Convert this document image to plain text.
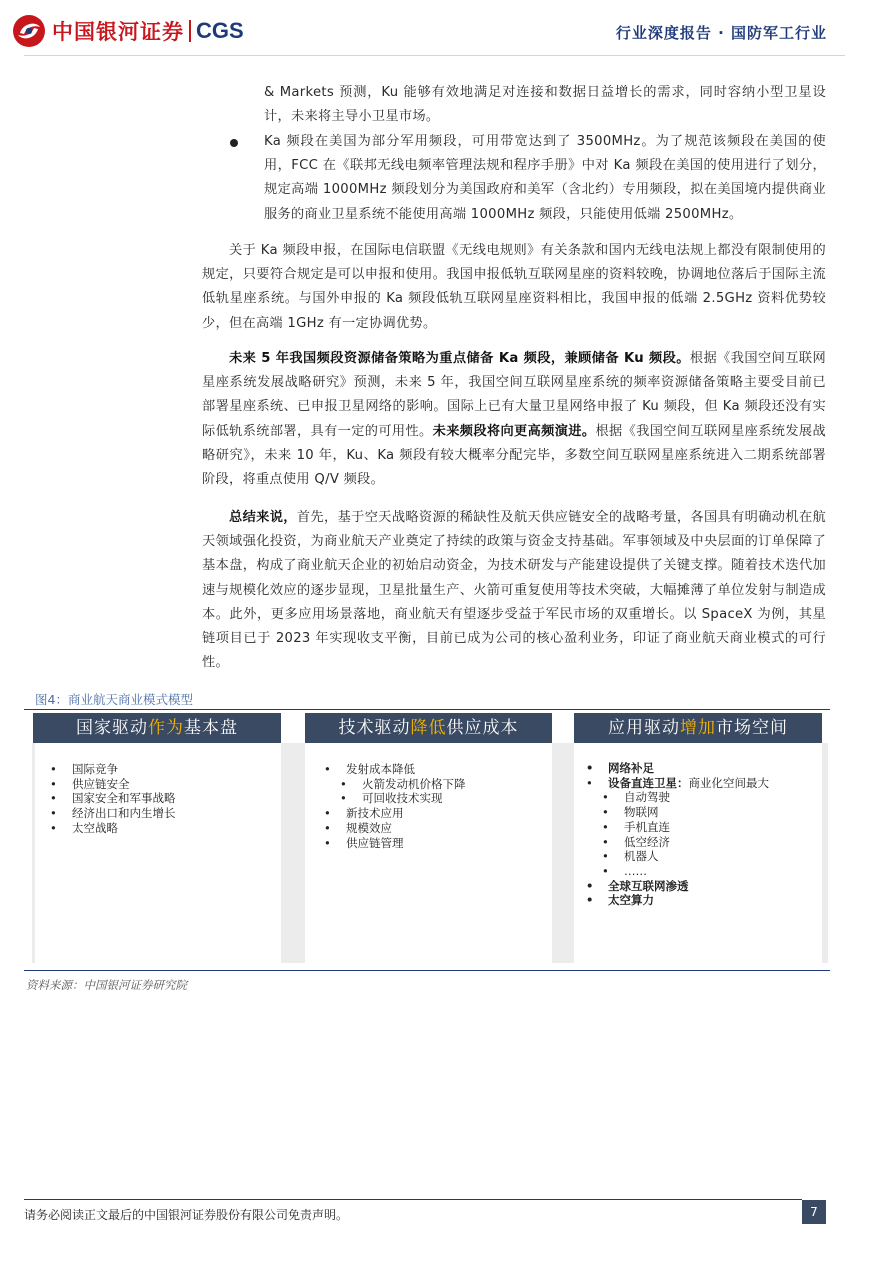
中国银河证券 CGS	行业深度报告 · 国防军工行业
& Markets 预测，Ku 能够有效地满足对连接和数据日益增长的需求，同时容纳小型卫星设计，未来将主导小卫星市场。
Ka 频段在美国为部分军用频段，可用带宽达到了 3500MHz。为了规范该频段在美国的使用，FCC 在《联邦无线电频率管理法规和程序手册》中对 Ka 频段在美国的使用进行了划分，规定高端 1000MHz 频段划分为美国政府和美军（含北约）专用频段，拟在美国境内提供商业服务的商业卫星系统不能使用高端 1000MHz 频段，只能使用低端 2500MHz。
关于 Ka 频段申报，在国际电信联盟《无线电规则》有关条款和国内无线电法规上都没有限制使用的规定，只要符合规定是可以申报和使用。我国申报低轨互联网星座的资料较晚，协调地位落后于国际主流低轨星座系统。与国外申报的 Ka 频段低轨互联网星座资料相比，我国申报的低端 2.5GHz 资料优势较少，但在高端 1GHz 有一定协调优势。
未来 5 年我国频段资源储备策略为重点储备 Ka 频段，兼顾储备 Ku 频段。根据《我国空间互联网星座系统发展战略研究》预测，未来 5 年，我国空间互联网星座系统的频率资源储备策略主要受目前已部署星座系统、已申报卫星网络的影响。国际上已有大量卫星网络申报了 Ku 频段，但 Ka 频段还没有实际低轨系统部署，具有一定的可用性。未来频段将向更高频演进。根据《我国空间互联网星座系统发展战略研究》，未来 10 年，Ku、Ka 频段有较大概率分配完毕，多数空间互联网星座系统进入二期系统部署阶段，将重点使用 Q/V 频段。
总结来说，首先，基于空天战略资源的稀缺性及航天供应链安全的战略考量，各国具有明确动机在航天领域强化投资，为商业航天产业奠定了持续的政策与资金支持基础。军事领域及中央层面的订单保障了基本盘，构成了商业航天企业的初始启动资金，为技术研发与产能建设提供了关键支撑。随着技术迭代加速与规模化效应的逐步显现，卫星批量生产、火箭可重复使用等技术突破，大幅摊薄了单位发射与制造成本。此外，更多应用场景落地，商业航天有望逐步受益于军民市场的双重增长。以 SpaceX 为例，其星链项目已于 2023 年实现收支平衡，目前已成为公司的核心盈利业务，印证了商业航天商业模式的可行性。
图4：商业航天商业模式模型
国家驱动作为基本盘
• 国际竞争
• 供应链安全
• 国家安全和军事战略
• 经济出口和内生增长
• 太空战略
技术驱动降低供应成本
• 发射成本降低
• 火箭发动机价格下降
• 可回收技术实现
• 新技术应用
• 规模效应
• 供应链管理
应用驱动增加市场空间
• 网络补足
• 设备直连卫星：商业化空间最大
• 自动驾驶
• 物联网
• 手机直连
• 低空经济
• 机器人
• ……
• 全球互联网渗透
• 太空算力
资料来源：中国银河证券研究院
请务必阅读正文最后的中国银河证券股份有限公司免责声明。	7
